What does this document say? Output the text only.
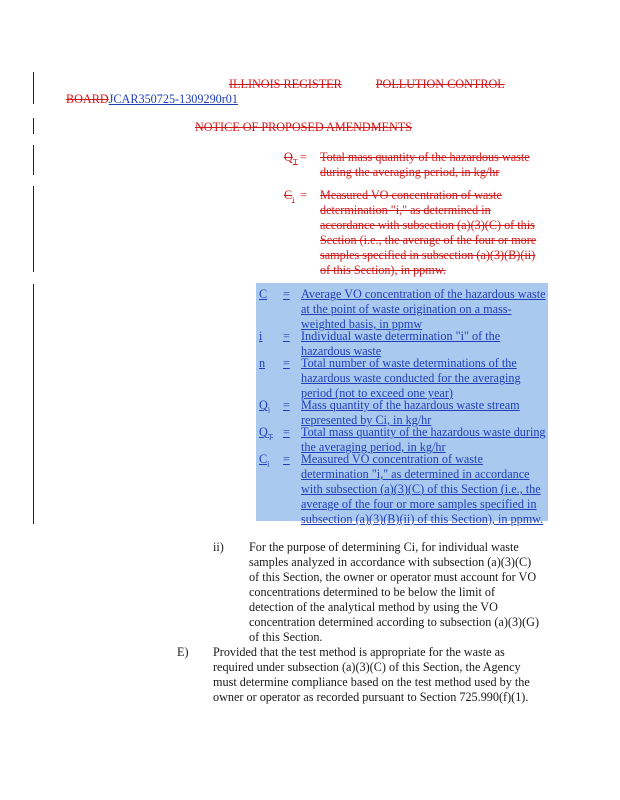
ILLINOIS REGISTER	POLLUTION CONTROL
BOARDJCAR350725-1309290r01
NOTICE OF PROPOSED AMENDMENTS
$Q_T$ = Total mass quantity of the hazardous waste during the averaging period, in kg/hr
$C_i$ = Measured VO concentration of waste determination "i," as determined in accordance with subsection (a)(3)(C) of this Section (i.e., the average of the four or more samples specified in subsection (a)(3)(B)(ii) of this Section), in ppmw.
C	= Average VO concentration of the hazardous waste at the point of waste origination on a mass-weighted basis, in ppmw
i	= Individual waste determination "i" of the hazardous waste
n	= Total number of waste determinations of the hazardous waste conducted for the averaging period (not to exceed one year)
$Q_i$	= Mass quantity of the hazardous waste stream represented by Ci, in kg/hr
$Q_T$ = Total mass quantity of the hazardous waste during the averaging period, in kg/hr
$C_i$	= Measured VO concentration of waste determination "i," as determined in accordance with subsection (a)(3)(C) of this Section (i.e., the average of the four or more samples specified in subsection (a)(3)(B)(ii) of this Section), in ppmw.
ii) For the purpose of determining Ci, for individual waste samples analyzed in accordance with subsection (a)(3)(C) of this Section, the owner or operator must account for VO concentrations determined to be below the limit of detection of the analytical method by using the VO concentration determined according to subsection (a)(3)(G) of this Section.
E) Provided that the test method is appropriate for the waste as required under subsection (a)(3)(C) of this Section, the Agency must determine compliance based on the test method used by the owner or operator as recorded pursuant to Section 725.990(f)(1).
